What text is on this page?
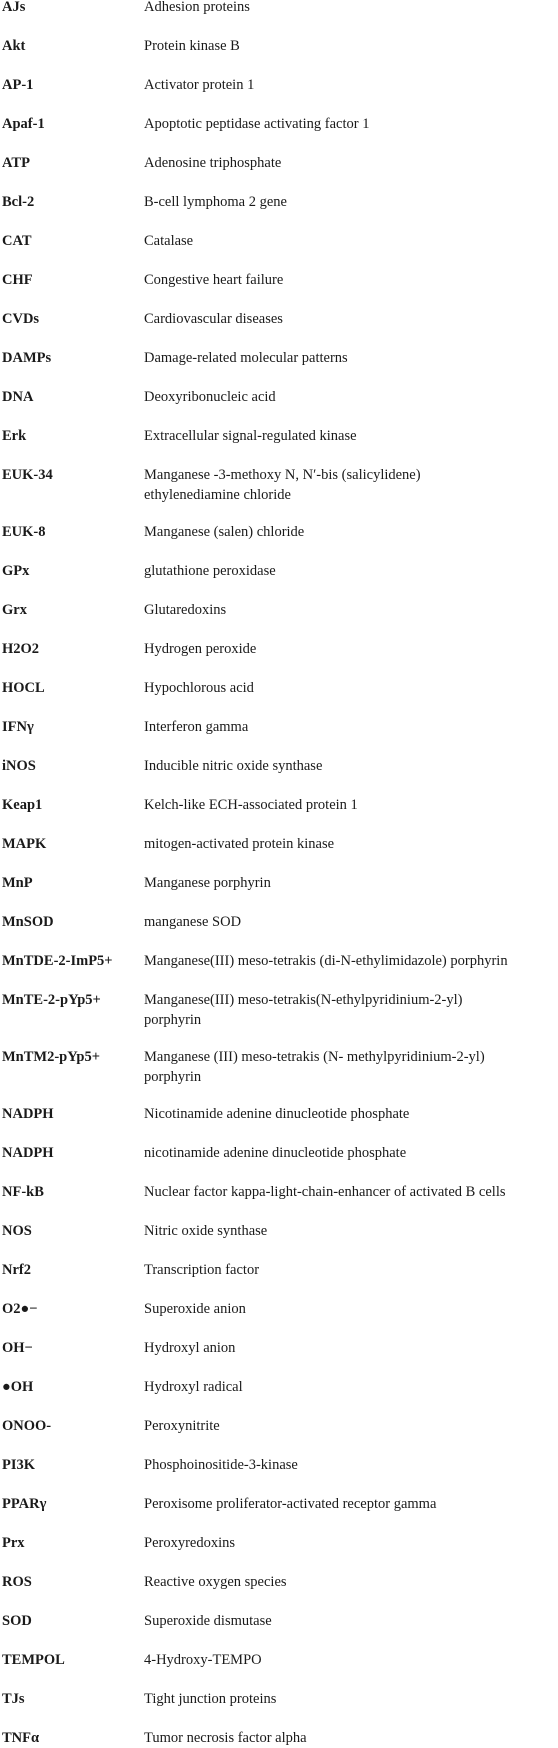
AJs	Adhesion proteins
Akt	Protein kinase B
AP-1	Activator protein 1
Apaf-1	Apoptotic peptidase activating factor 1
ATP	Adenosine triphosphate
Bcl-2	B-cell lymphoma 2 gene
CAT	Catalase
CHF	Congestive heart failure
CVDs	Cardiovascular diseases
DAMPs	Damage-related molecular patterns
DNA	Deoxyribonucleic acid
Erk	Extracellular signal-regulated kinase
EUK-34	Manganese -3-methoxy N, N′-bis (salicylidene)
ethylenediamine chloride
EUK-8	Manganese (salen) chloride
GPx	glutathione peroxidase
Grx	Glutaredoxins
H2O2	Hydrogen peroxide
HOCL	Hypochlorous acid
IFNγ	Interferon gamma
iNOS	Inducible nitric oxide synthase
Keap1	Kelch-like ECH-associated protein 1
MAPK	mitogen-activated protein kinase
MnP	Manganese porphyrin
MnSOD	manganese SOD
MnTDE-2-ImP5+	Manganese(III) meso-tetrakis (di-N-ethylimidazole) porphyrin
MnTE-2-pYp5+	Manganese(III) meso-tetrakis(N-ethylpyridinium-2-yl)
porphyrin
MnTM2-pYp5+	Manganese (III) meso-tetrakis (N- methylpyridinium-2-yl)
porphyrin
NADPH	Nicotinamide adenine dinucleotide phosphate
NADPH	nicotinamide adenine dinucleotide phosphate
NF-kB	Nuclear factor kappa-light-chain-enhancer of activated B cells
NOS	Nitric oxide synthase
Nrf2	Transcription factor
O2●−	Superoxide anion
OH−	Hydroxyl anion
●OH	Hydroxyl radical
ONOO-	Peroxynitrite
PI3K	Phosphoinositide-3-kinase
PPARγ	Peroxisome proliferator-activated receptor gamma
Prx	Peroxyredoxins
ROS	Reactive oxygen species
SOD	Superoxide dismutase
TEMPOL	4-Hydroxy-TEMPO
TJs	Tight junction proteins
TNFα	Tumor necrosis factor alpha
